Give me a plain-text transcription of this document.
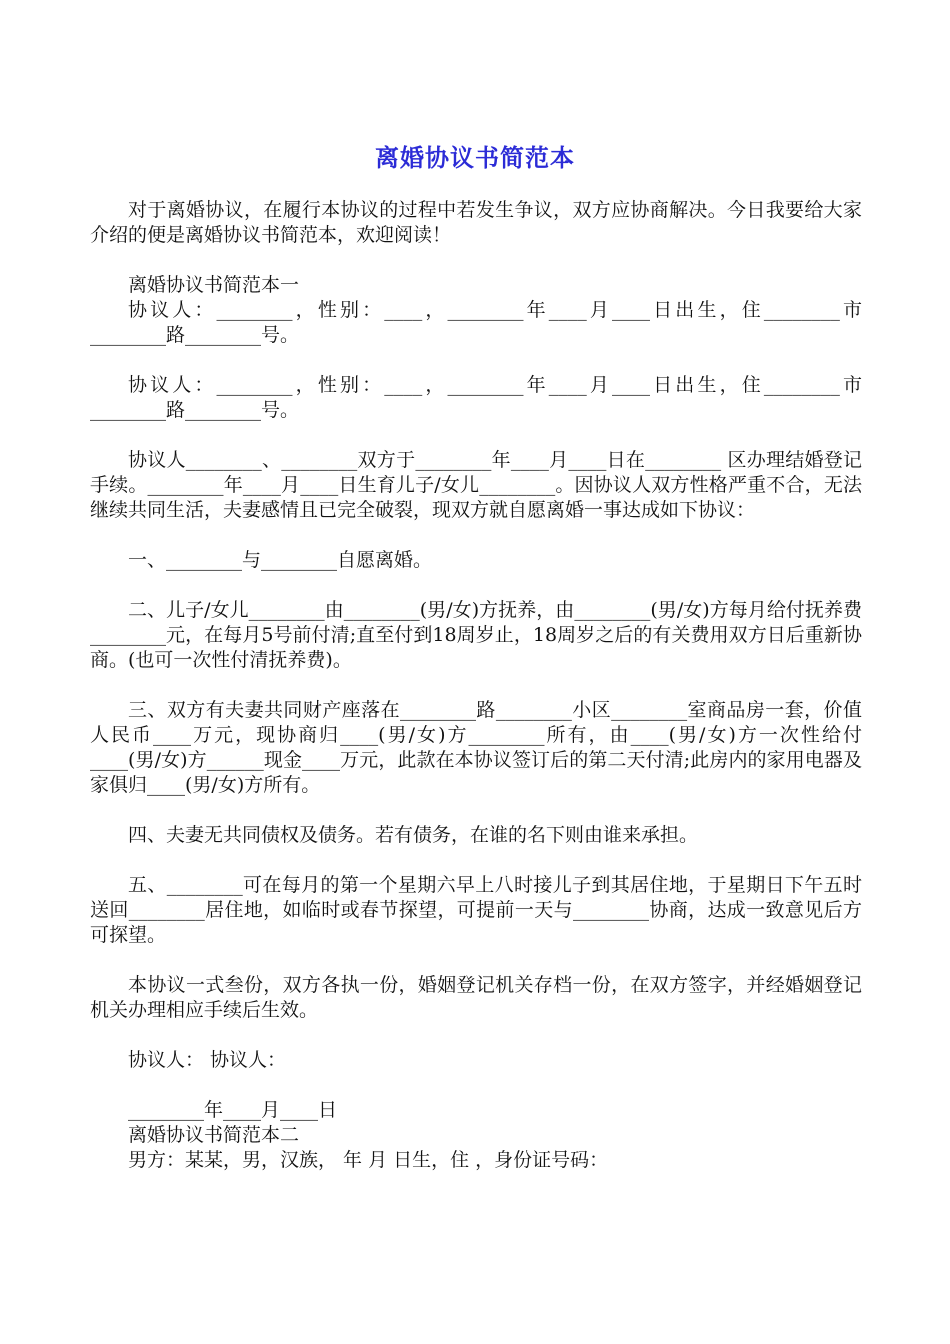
离婚协议书简范本

对于离婚协议，在履行本协议的过程中若发生争议，双方应协商解决。今日我要给大家介绍的便是离婚协议书简范本，欢迎阅读！

离婚协议书简范本一

协议人：________，性别：____，________年____月____日出生，住________市________路________号。

协议人：________，性别：____，________年____月____日出生，住________市________路________号。

协议人________、________双方于________年____月____日在________ 区办理结婚登记手续。________年____月____日生育儿子/女儿________。因协议人双方性格严重不合，无法继续共同生活，夫妻感情且已完全破裂，现双方就自愿离婚一事达成如下协议：

一、________与________自愿离婚。

二、儿子/女儿________由________(男/女)方抚养，由________(男/女)方每月给付抚养费________元，在每月5号前付清;直至付到18周岁止，18周岁之后的有关费用双方日后重新协商。(也可一次性付清抚养费)。

三、双方有夫妻共同财产座落在________路________小区________室商品房一套，价值人民币____万元，现协商归____(男/女)方________所有，由____(男/女)方一次性给付____(男/女)方______现金____万元，此款在本协议签订后的第二天付清;此房内的家用电器及家俱归____(男/女)方所有。

四、夫妻无共同债权及债务。若有债务，在谁的名下则由谁来承担。

五、________可在每月的第一个星期六早上八时接儿子到其居住地，于星期日下午五时送回________居住地，如临时或春节探望，可提前一天与________协商，达成一致意见后方可探望。

本协议一式叁份，双方各执一份，婚姻登记机关存档一份，在双方签字，并经婚姻登记机关办理相应手续后生效。

协议人： 协议人：

________年____月____日

离婚协议书简范本二

男方：某某，男，汉族， 年 月 日生，住 ，身份证号码：
